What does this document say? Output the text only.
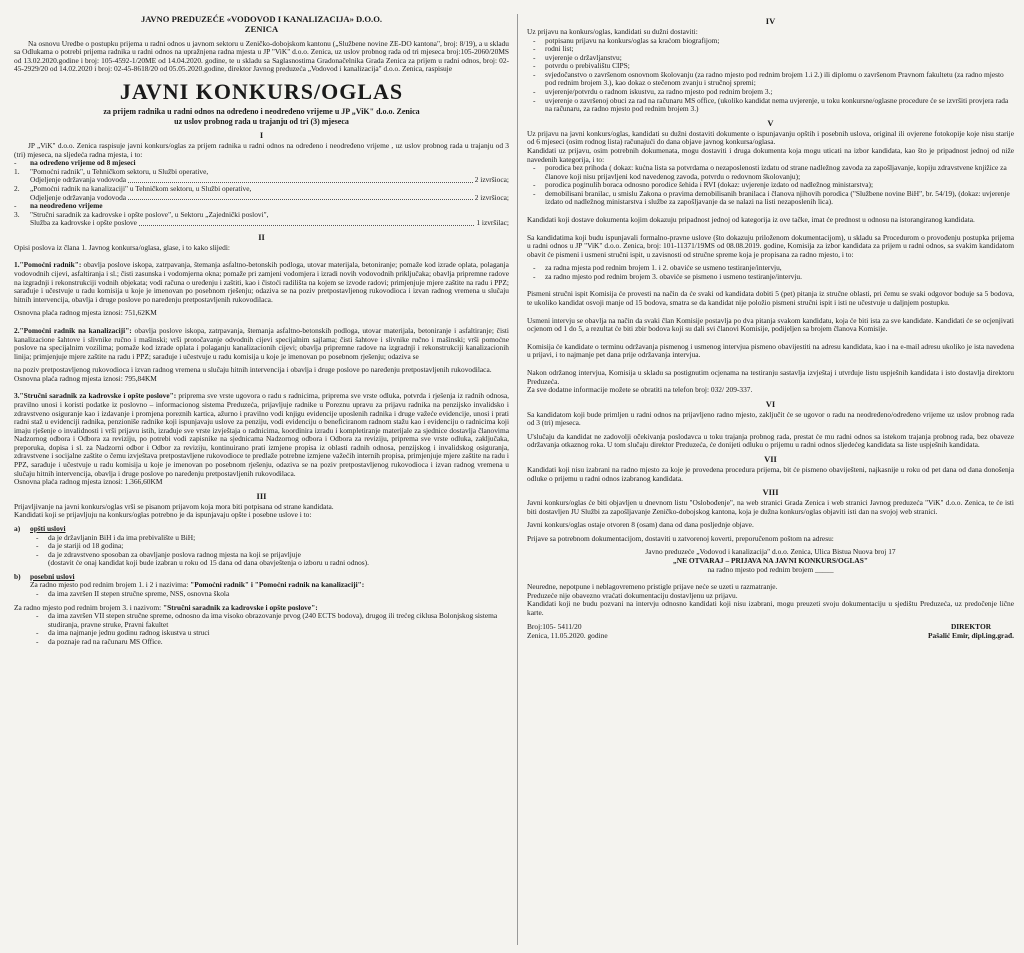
JAVNO PREDUZEĆE «VODOVOD I KANALIZACIJA» D.O.O.
ZENICA

Na osnovu Uredbe o postupku prijema u radni odnos u javnom sektoru u Zeničko-dobojskom kantonu („Službene novine ZE-DO kantona", broj: 8/19), a u skladu sa Odlukama o potrebi prijema radnika u radni odnos na upražnjena radna mjesta u JP "ViK" d.o.o. Zenica, uz uslov probnog rada od tri mjeseca broj:105-2060/20MS od 13.02.2020.godine i broj: 105-4592-1/20ME od 14.04.2020. godine, te u skladu sa Saglasnostima Gradonačelnika Grada Zenica za prijem u radni odnos, broj: 02-45-2929/20 od 14.02.2020 i broj: 02-45-8618/20 od 05.05.2020.godine, direktor Javnog preduzeća „Vodovod i kanalizacija" d.o.o. Zenica, raspisuje

JAVNI KONKURS/OGLAS
za prijem radnika u radni odnos na određeno i neodređeno vrijeme u JP „ViK" d.o.o. Zenica
uz uslov probnog rada u trajanju od tri (3) mjeseca
I

JP „ViK" d.o.o. Zenica raspisuje javni konkurs/oglas za prijem radnika u radni odnos na određeno i neodređeno vrijeme , uz uslov probnog rada u trajanju od 3 (tri) mjeseca, na sljedeća radna mjesta, i to:

-	na određeno vrijeme od 8 mjeseci
1.	"Pomoćni radnik", u Tehničkom sektoru, u Službi operative,
Odjeljenje održavanja vodovoda	2 izvršioca;
2.	„Pomoćni radnik na kanalizaciji" u Tehničkom sektoru, u Službi operative,
Odjeljenje održavanja vodovoda	2 izvršioca;
-	na neodređeno vrijeme
3.	"Stručni saradnik za kadrovske i opšte poslove", u Sektoru „Zajednički poslovi",
Služba za kadrovske i opšte poslove	1 izvršilac;
II

Opisi poslova iz člana 1. Javnog konkursa/oglasa, glase, i to kako slijedi:

1."Pomoćni radnik": obavlja poslove iskopa, zatrpavanja, štemanja asfaltno-betonskih podloga, utovar materijala, betoniranje; pomaže kod izrade oplata, polaganja vodovodnih cijevi, asfaltiranja i sl.; čisti zasunska i vodomjerna okna; pomaže pri zamjeni vodomjera i izradi novih vodovodnih priključaka; obavlja pripremne radove na izgradnji i rekonstrukciji vodnih objekata; vodi računa o uređenju i zaštiti, kao i čistoći radilišta na kojem se izvode radovi; primjenjuje mjere zaštite na radu i PPZ; sarađuje i učestvuje u radu komisija u koje je imenovan po posebnom rješenju; odaziva se na poziv pretpostavljenog rukovodioca i izvan radnog vremena u slučaju hitnih intervencija, obavlja i druge poslove po naređenju pretpostavljenih rukovodilaca.

Osnovna plaća radnog mjesta iznosi: 751,62KM

2."Pomoćni radnik na kanalizaciji": obavlja poslove iskopa, zatrpavanja, štemanja asfaltno-betonskih podloga, utovar materijala, betoniranje i asfaltiranje; čisti kanalizacione šahtove i slivnike ručno i mašinski; vrši protočavanje odvodnih cijevi specijalnim sajlama; čisti šahtove i slivnike ručno i mašinski; vrši pomoćne poslove na specijalnim vozilima; pomaže kod izrade oplata i polaganju kanalizacionih cijevi; obavlja pripremne radove na izgradnji i rekonstrukciji kanalizacionih linija; primjenjuje mjere zaštite na radu i PPZ; sarađuje i učestvuje u radu komisija u koje je imenovan po posebnom rješenju; odaziva se

na poziv pretpostavljenog rukovodioca i izvan radnog vremena u slučaju hitnih intervencija i obavlja i druge poslove po naređenju pretpostavljenih rukovodilaca.

Osnovna plaća radnog mjesta iznosi: 795,84KM

3."Stručni saradnik za kadrovske i opšte poslove": priprema sve vrste ugovora o radu s radnicima, priprema sve vrste odluka, potvrda i rješenja iz radnih odnosa, pravilno unosi i koristi podatke iz poslovno – informacionog sistema Preduzeća, prijavljuje radnike u Poreznu upravu za prijavu radnika na penzijsko invalidsko i zdravstveno osiguranje kao i izdavanje i promjena poreznih kartica, ažurno i pravilno vodi knjigu evidencije uposlenih radnika i druge važeće evidencije, unosi i prati radni staž u evidenciji radnika, penzioniše radnike koji ispunjavaju uslove za penziju, vodi evidenciju o beneficiranom radnom stažu kao i evidenciju o radnicima koji imaju rješenje o invalidnosti i vrši prijavu istih, izrađuje sve vrste izvještaja o radnicima, koordinira izradu i kompletiranje materijale za sjednice dostavlja članovima Nadzornog odbora i Odbora za reviziju, po potrebi vodi zapisnike na sjednicama Nadzornog odbora i Odbora za reviziju, priprema sve vrste odluka, zaključaka, preporuka, dopisa i sl. za Nadzorni odbor i Odbor za reviziju, kontinuirano prati izmjene propisa iz oblasti radnih odnosa, penzijskog i invalidskog osiguranja, zdravstvene i socijalne zaštite o čemu izvještava pretpostavljene rukovodioce te predlaže potrebne izmjene važećih internih propisa, primjenjuje mjere zaštite na radu i PPZ, sarađuje i učestvuje u radu komisija u koje je imenovan po posebnom rješenju, odaziva se na poziv pretpostavljenog rukovodioca i izvan radnog vremena u slučaju hitnih intervencija, obavlja i druge poslove po naređenju pretpostavljenih rukovodilaca.

Osnovna plaća radnog mjesta iznosi: 1.366,60KM

III

Prijavljivanje na javni konkurs/oglas vrši se pisanom prijavom koja mora biti potpisana od strane kandidata.

Kandidati koji se prijavljuju na konkurs/oglas potrebno je da ispunjavaju opšte i posebne uslove i to:

a)	opšti uslovi
- da je državljanin BiH i da ima prebivalište u BiH;
- da je stariji od 18 godina;
- da je zdravstveno sposoban za obavljanje poslova radnog mjesta na koji se prijavljuje

(dostavit će onaj kandidat koji bude izabran u roku od 15 dana od dana obavještenja o izboru u radni odnos).

b)	posebni uslovi

Za radno mjesto pod rednim brojem 1. i 2 i nazivima: "Pomoćni radnik" i "Pomoćni radnik na kanalizaciji":

- da ima završen II stepen stručne spreme, NSS, osnovna škola

Za radno mjesto pod rednim brojem 3. i nazivom: "Stručni saradnik za kadrovske i opšte poslove":

- da ima završen VII stepen stručne spreme, odnosno da ima visoko obrazovanje prvog (240 ECTS bodova), drugog ili trećeg ciklusa Bolonjskog sistema studiranja, pravne struke, Pravni fakultet
- da ima najmanje jednu godinu radnog iskustva u struci
- da poznaje rad na računaru MS Office.
IV

Uz prijavu na konkurs/oglas, kandidati su dužni dostaviti:

- potpisanu prijavu na konkurs/oglas sa kraćom biografijom;
- rodni list;
- uvjerenje o državljanstvu;
- potvrdu o prebivalištu CIPS;
- svjedočanstvo o završenom osnovnom školovanju (za radno mjesto pod rednim brojem 1.i 2.) ili diplomu o završenom Pravnom fakultetu (za radno mjesto pod rednim brojem 3.), kao dokaz o stečenom zvanju i stručnoj spremi;
- uvjerenje/potvrdu o radnom iskustvu, za radno mjesto pod rednim brojem 3.;
- uvjerenje o završenoj obuci za rad na računaru MS office, (ukoliko kandidat nema uvjerenje, u toku konkursne/oglasne procedure će se izvršiti provjera rada na računaru, za radno mjesto pod rednim brojem 3.)
V

Uz prijavu na javni konkurs/oglas, kandidati su dužni dostaviti dokumente o ispunjavanju opštih i posebnih uslova, original ili ovjerene fotokopije koje nisu starije od 6 mjeseci (osim rodnog lista) računajući do dana objave javnog konkursa/oglasa.

Kandidati uz prijavu, osim potrebnih dokumenata, mogu dostaviti i druga dokumenta koja mogu uticati na izbor kandidata, kao što je pripadnost jednoj od niže navedenih kategorija, i to:

- porodica bez prihoda ( dokaz: kućna lista sa potvrdama o nezaposlenosti izdatu od strane nadležnog zavoda za zapošljavanje, kopiju zdravstvene knjižice za članove koji nisu prijavljeni kod navedenog zavoda, potvrdu o redovnom školovanju);
- porodica poginulih boraca odnosno porodice šehida i RVI (dokaz: uvjerenje izdato od nadležnog ministarstva);
- demobilisani branilac, u smislu Zakona o pravima demobilisanih branilaca i članova njihovih porodica ("Službene novine BiH", br. 54/19), (dokaz: uvjerenje izdato od nadležnog ministarstva i službe za zapošljavanje da se nalazi na listi nezaposlenih lica).

Kandidati koji dostave dokumenta kojim dokazuju pripadnost jednoj od kategorija iz ove tačke, imat će prednost u odnosu na istorangiranog kandidata.

Sa kandidatima koji budu ispunjavali formalno-pravne uslove (što dokazuju priloženom dokumentacijom), u skladu sa Procedurom o provođenju postupka prijema u radni odnos u JP "ViK" d.o.o. Zenica, broj: 101-11371/19MS od 08.08.2019. godine, Komisija za izbor kandidata za prijem u radni odnos, sa svakim kandidatom obavit će pismeni i usmeni stručni ispit, u zavisnosti od stručne spreme koja je propisana za radno mjesto, i to:

- za radna mjesta pod rednim brojem 1. i 2. obaviće se usmeno testiranje/intervju,
- za radno mjesto pod rednim brojem 3. obaviće se pismeno i usmeno testiranje/intervju.

Pismeni stručni ispit Komisija će provesti na način da će svaki od kandidata dobiti 5 (pet) pitanja iz stručne oblasti, pri čemu se svaki odgovor boduje sa 5 bodova, te ukoliko kandidat osvoji manje od 15 bodova, smatra se da kandidat nije položio pismeni stručni ispit i isti ne učestvuje u daljnjem postupku.

Usmeni intervju se obavlja na način da svaki član Komisije postavlja po dva pitanja svakom kandidatu, koja će biti ista za sve kandidate. Kandidati će se ocjenjivati ocjenom od 1 do 5, a rezultat će biti zbir bodova koji su dali svi članovi Komisije, podijeljen sa brojem članova Komisije.

Komisija će kandidate o terminu održavanja pismenog i usmenog intervjua pismeno obavijestiti na adresu kandidata, kao i na e-mail adresu ukoliko je ista navedena u prijavi, i to najmanje pet dana prije održavanja intervjua.

Nakon održanog intervjua, Komisija u skladu sa postignutim ocjenama na testiranju sastavlja izvještaj i utvrđuje listu uspješnih kandidata i isto dostavlja direktoru Preduzeća.

Za sve dodatne informacije možete se obratiti na telefon broj: 032/ 209-337.

VI

Sa kandidatom koji bude primljen u radni odnos na prijavljeno radno mjesto, zaključit će se ugovor o radu na neodređeno/određeno vrijeme uz uslov probnog rada od 3 (tri) mjeseca.

U'slučaju da kandidat ne zadovolji očekivanja poslodavca u toku trajanja probnog rada, prestat će mu radni odnos sa istekom trajanja probnog rada, bez obaveze održavanja otkaznog roka. U tom slučaju direktor Preduzeća, će donijeti odluku o prijemu u radni odnos sljedećeg kandidata sa liste uspješnih kandidata.

VII

Kandidati koji nisu izabrani na radno mjesto za koje je provedena procedura prijema, bit će pismeno obaviješteni, najkasnije u roku od pet dana od dana donošenja odluke o prijemu u radni odnos izabranog kandidata.

VIII

Javni konkurs/oglas će biti objavljen u dnevnom listu "Oslobođenje", na web stranici Grada Zenica i web stranici Javnog preduzeća "ViK" d.o.o. Zenica, te će isti biti dostavljen JU Službi za zapošljavanje Zeničko-dobojskog kantona, koja je dužna konkurs/oglas objaviti isti dan na svojoj web stranici.

Javni konkurs/oglas ostaje otvoren 8 (osam) dana od dana posljednje objave.

Prijave sa potrebnom dokumentacijom, dostaviti u zatvorenoj koverti, preporučenom poštom na adresu:

Javno preduzeće „Vodovod i kanalizacija" d.o.o. Zenica, Ulica Bistua Nuova broj 17

„NE OTVARAJ – PRIJAVA NA JAVNI KONKURS/OGLAS"

na radno mjesto pod rednim brojem _____

Neuredne, nepotpune i neblagovremeno pristigle prijave neće se uzeti u razmatranje.

Preduzeće nije obavezno vraćati dokumentaciju dostavljenu uz prijavu.

Kandidati koji ne budu pozvani na intervju odnosno kandidati koji nisu izabrani, mogu preuzeti svoju dokumentaciju u sjedištu Preduzeća, uz predočenje lične karte.

Broj:105- 5411/20
Zenica, 11.05.2020. godine
DIREKTOR
Pašalić Emir, dipl.ing.građ.
